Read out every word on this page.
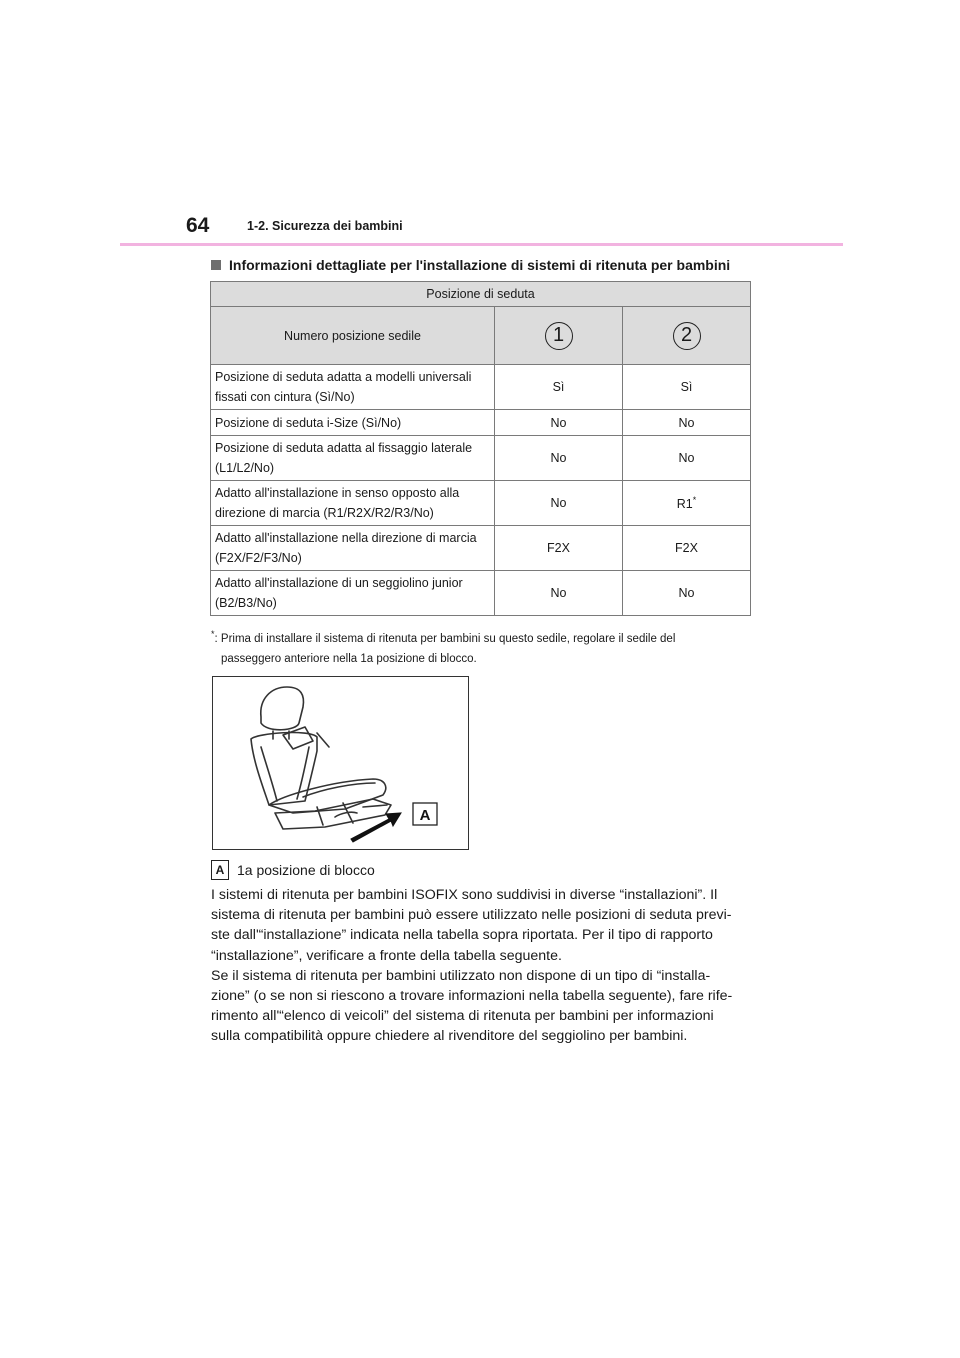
64	1-2. Sicurezza dei bambini
Informazioni dettagliate per l'installazione di sistemi di ritenuta per bambini
Posizione di seduta		
Numero posizione sedile	1	2
Posizione di seduta adatta a modelli universali
fissati con cintura (Sì/No)	Sì	Sì
Posizione di seduta i-Size (Sì/No)	No	No
Posizione di seduta adatta al fissaggio laterale
(L1/L2/No)	No	No
Adatto all'installazione in senso opposto alla
direzione di marcia (R1/R2X/R2/R3/No)	No	R1*
Adatto all'installazione nella direzione di marcia
(F2X/F2/F3/No)	F2X	F2X
Adatto all'installazione di un seggiolino junior
(B2/B3/No)	No	No
*: Prima di installare il sistema di ritenuta per bambini su questo sedile, regolare il sedile del
passeggero anteriore nella 1a posizione di blocco.
A
A 1a posizione di blocco

I sistemi di ritenuta per bambini ISOFIX sono suddivisi in diverse “installazioni”. Il

sistema di ritenuta per bambini può essere utilizzato nelle posizioni di seduta previ-

ste dall'“installazione” indicata nella tabella sopra riportata. Per il tipo di rapporto

“installazione”, verificare a fronte della tabella seguente.

Se il sistema di ritenuta per bambini utilizzato non dispone di un tipo di “installa-

zione” (o se non si riescono a trovare informazioni nella tabella seguente), fare rife-

rimento all'“elenco di veicoli” del sistema di ritenuta per bambini per informazioni

sulla compatibilità oppure chiedere al rivenditore del seggiolino per bambini.
